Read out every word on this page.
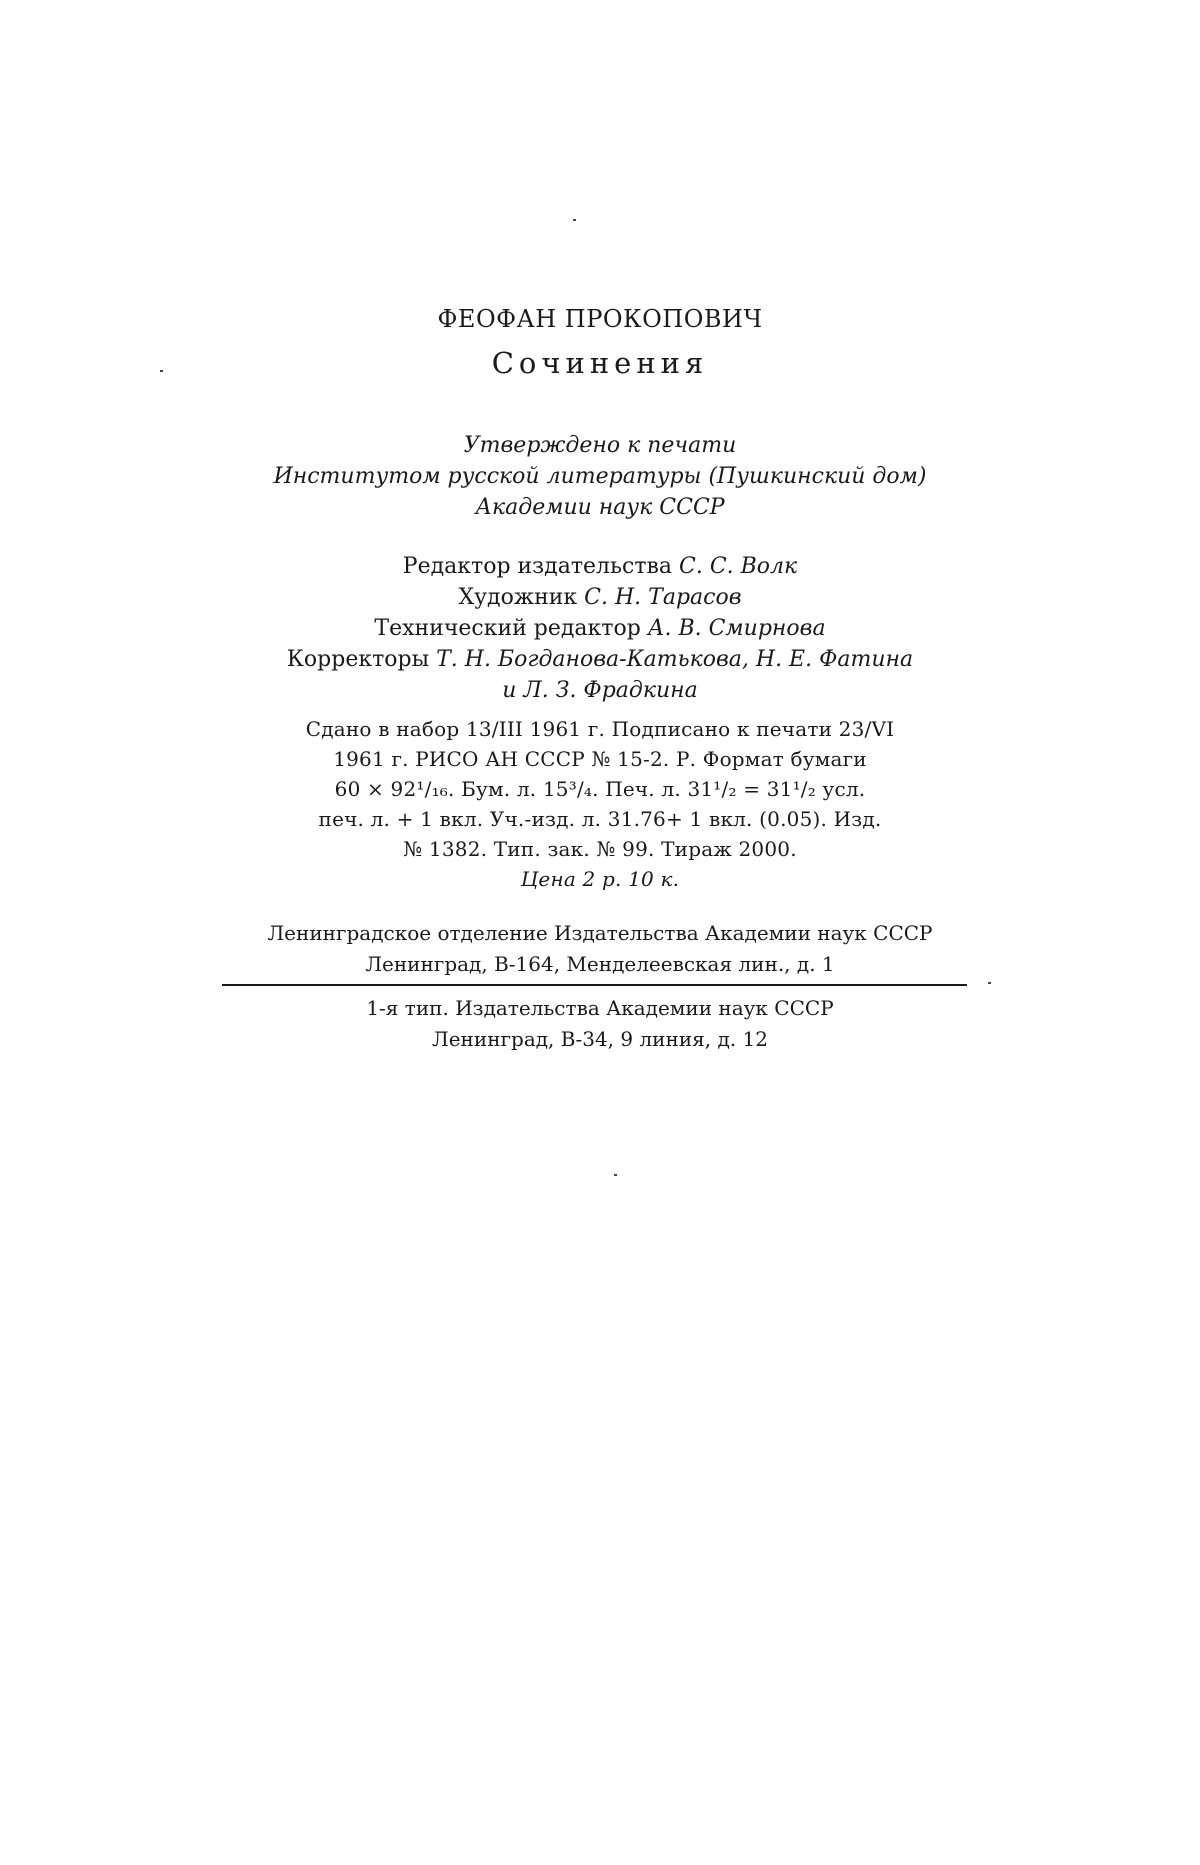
ФЕОФАН ПРОКОПОВИЧ
Сочинения
Утверждено к печати
Институтом русской литературы (Пушкинский дом)
Академии наук СССР
Редактор издательства С. С. Волк
Художник С. Н. Тарасов
Технический редактор А. В. Смирнова
Корректоры Т. Н. Богданова-Катькова, Н. Е. Фатина
и Л. З. Фрадкина
Сдано в набор 13/III 1961 г. Подписано к печати 23/VI
1961 г. РИСО АН СССР № 15-2. Р. Формат бумаги
60 × 92¹/₁₆. Бум. л. 15³/₄. Печ. л. 31¹/₂ = 31¹/₂ усл.
печ. л. + 1 вкл. Уч.-изд. л. 31.76+ 1 вкл. (0.05). Изд.
№ 1382. Тип. зак. № 99. Тираж 2000.
Цена 2 р. 10 к.
Ленинградское отделение Издательства Академии наук СССР
Ленинград, В-164, Менделеевская лин., д. 1
1-я тип. Издательства Академии наук СССР
Ленинград, В-34, 9 линия, д. 12
